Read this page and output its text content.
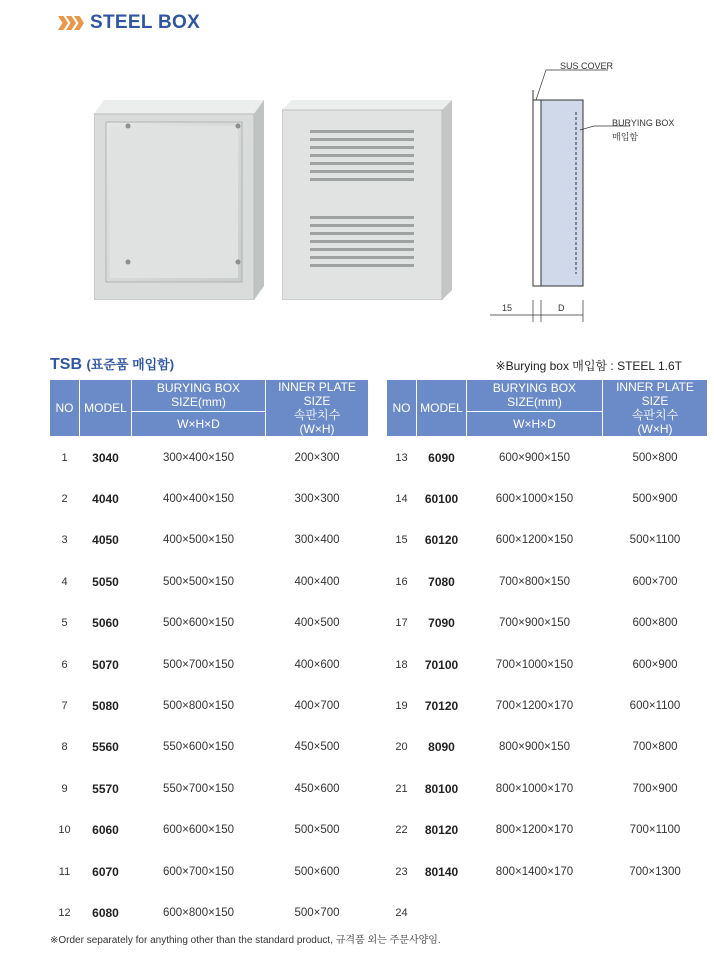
STEEL BOX
SUS COVER
BURYING BOX
매입함
15	D
TSB (표준품 매입함)	※Burying box 매입함 : STEEL 1.6T
NO	MODEL	BURYING BOX SIZE(mm)	INNER PLATE SIZE
속판치수
(W×H)

		W×H×D	
1	3040	300×400×150	200×300
2	4040	400×400×150	300×300
3	4050	400×500×150	300×400
4	5050	500×500×150	400×400
5	5060	500×600×150	400×500
6	5070	500×700×150	400×600
7	5080	500×800×150	400×700
8	5560	550×600×150	450×500
9	5570	550×700×150	450×600
10	6060	600×600×150	500×500
11	6070	600×700×150	500×600
12	6080	600×800×150	500×700
NO	MODEL	BURYING BOX SIZE(mm)	INNER PLATE SIZE
속판치수
(W×H)

		W×H×D	
13	6090	600×900×150	500×800
14	60100	600×1000×150	500×900
15	60120	600×1200×150	500×1100
16	7080	700×800×150	600×700
17	7090	700×900×150	600×800
18	70100	700×1000×150	600×900
19	70120	700×1200×170	600×1100
20	8090	800×900×150	700×800
21	80100	800×1000×170	700×900
22	80120	800×1200×170	700×1100
23	80140	800×1400×170	700×1300
24			
※Order separately for anything other than the standard product, 규격품 외는 주문사양임.
